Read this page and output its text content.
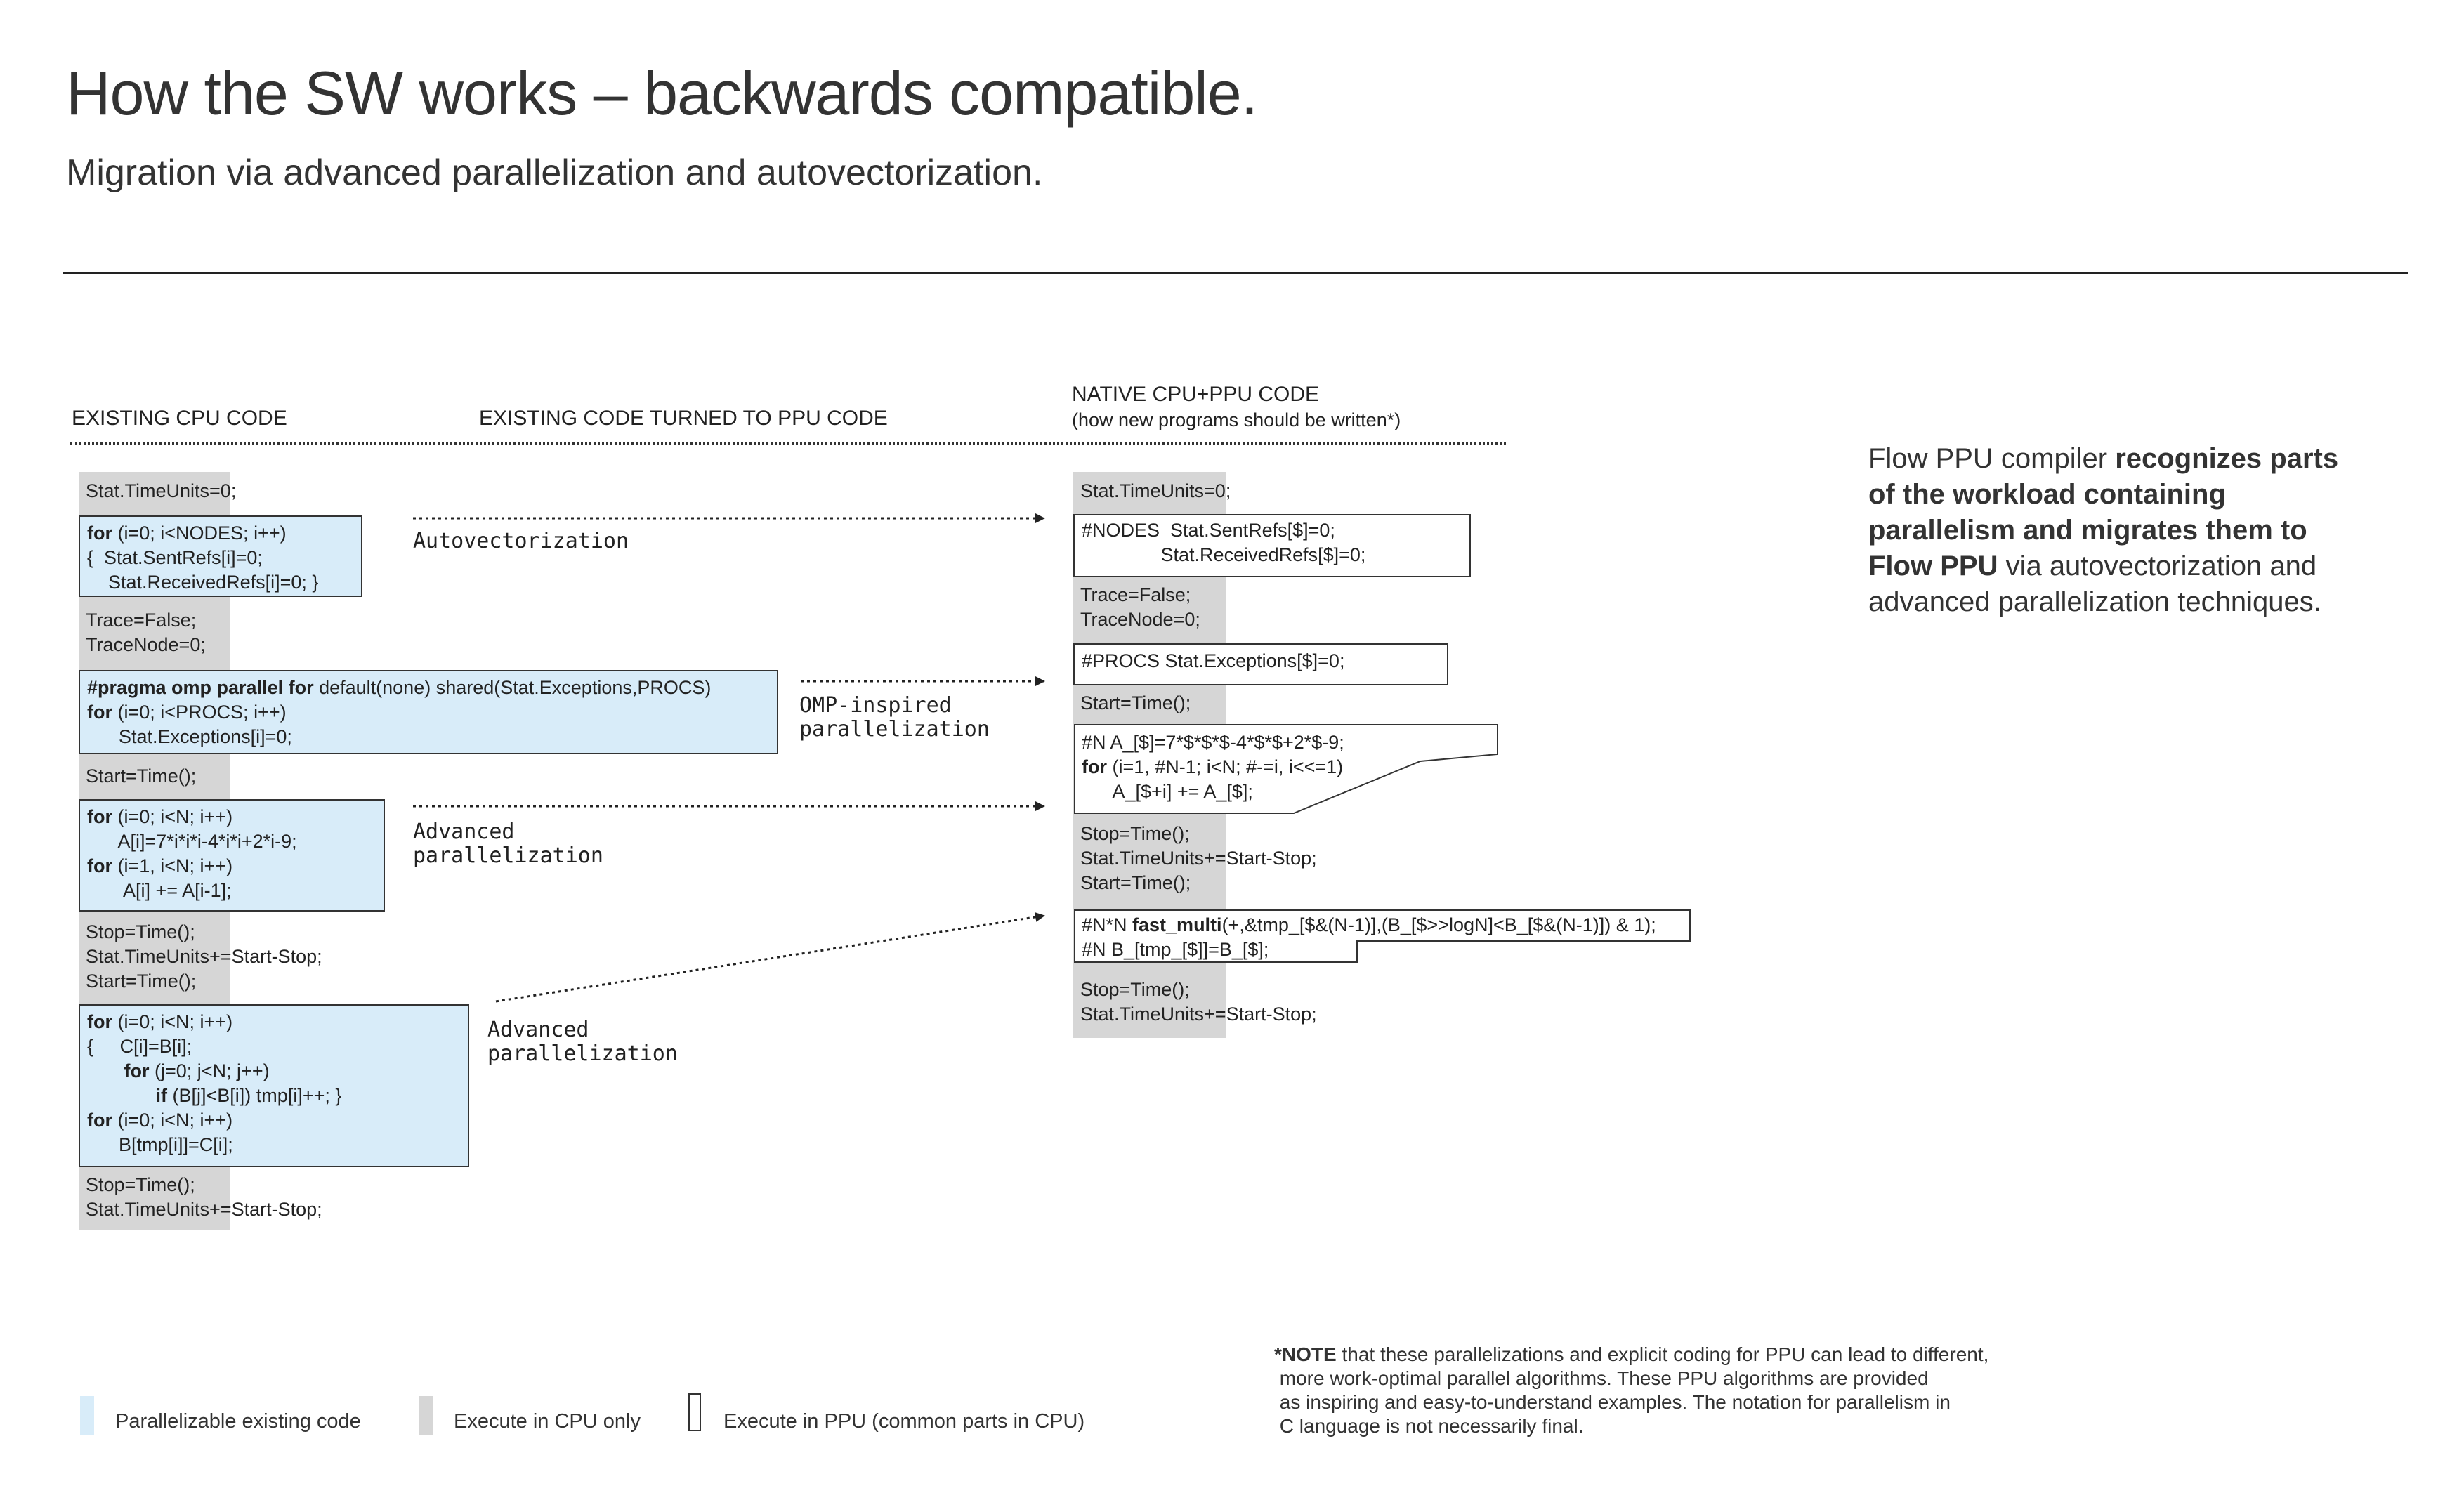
How the SW works – backwards compatible.
Migration via advanced parallelization and autovectorization.
EXISTING CPU CODE	EXISTING CODE TURNED TO PPU CODE
NATIVE CPU+PPU CODE
(how new programs should be written*)
Stat.TimeUnits=0;
for (i=0; i<NODES; i++)
{  Stat.SentRefs[i]=0;
Stat.ReceivedRefs[i]=0; }
Trace=False;
TraceNode=0;
#pragma omp parallel for default(none) shared(Stat.Exceptions,PROCS)
for (i=0; i<PROCS; i++)
Stat.Exceptions[i]=0;
Start=Time();
for (i=0; i<N; i++)
A[i]=7*i*i*i-4*i*i+2*i-9;
for (i=1, i<N; i++)
A[i] += A[i-1];
Stop=Time();
Stat.TimeUnits+=Start-Stop;
Start=Time();
for (i=0; i<N; i++)
{     C[i]=B[i];
for (j=0; j<N; j++)
if (B[j]<B[i]) tmp[i]++; }
for (i=0; i<N; i++)
B[tmp[i]]=C[i];
Stop=Time();
Stat.TimeUnits+=Start-Stop;
Autovectorization
OMP-inspired
parallelization
Advanced
parallelization
Advanced
parallelization
Stat.TimeUnits=0;
#NODES  Stat.SentRefs[$]=0;
Stat.ReceivedRefs[$]=0;
Trace=False;
TraceNode=0;
#PROCS Stat.Exceptions[$]=0;
Start=Time();
#N A_[$]=7*$*$*$-4*$*$+2*$-9;
for (i=1, #N-1; i<N; #-=i, i<<=1)
A_[$+i] += A_[$];
Stop=Time();
Stat.TimeUnits+=Start-Stop;
Start=Time();
#N*N fast_multi(+,&tmp_[$&(N-1)],(B_[$>>logN]<B_[$&(N-1)]) & 1);
#N B_[tmp_[$]]=B_[$];
Stop=Time();
Stat.TimeUnits+=Start-Stop;
Flow PPU compiler recognizes parts of the workload containing parallelism and migrates them to Flow PPU via autovectorization and advanced parallelization techniques.
Parallelizable existing code	Execute in CPU only	Execute in PPU (common parts in CPU)
*NOTE that these parallelizations and explicit coding for PPU can lead to different,
more work-optimal parallel algorithms. These PPU algorithms are provided
as inspiring and easy-to-understand examples. The notation for parallelism in
C language is not necessarily final.
